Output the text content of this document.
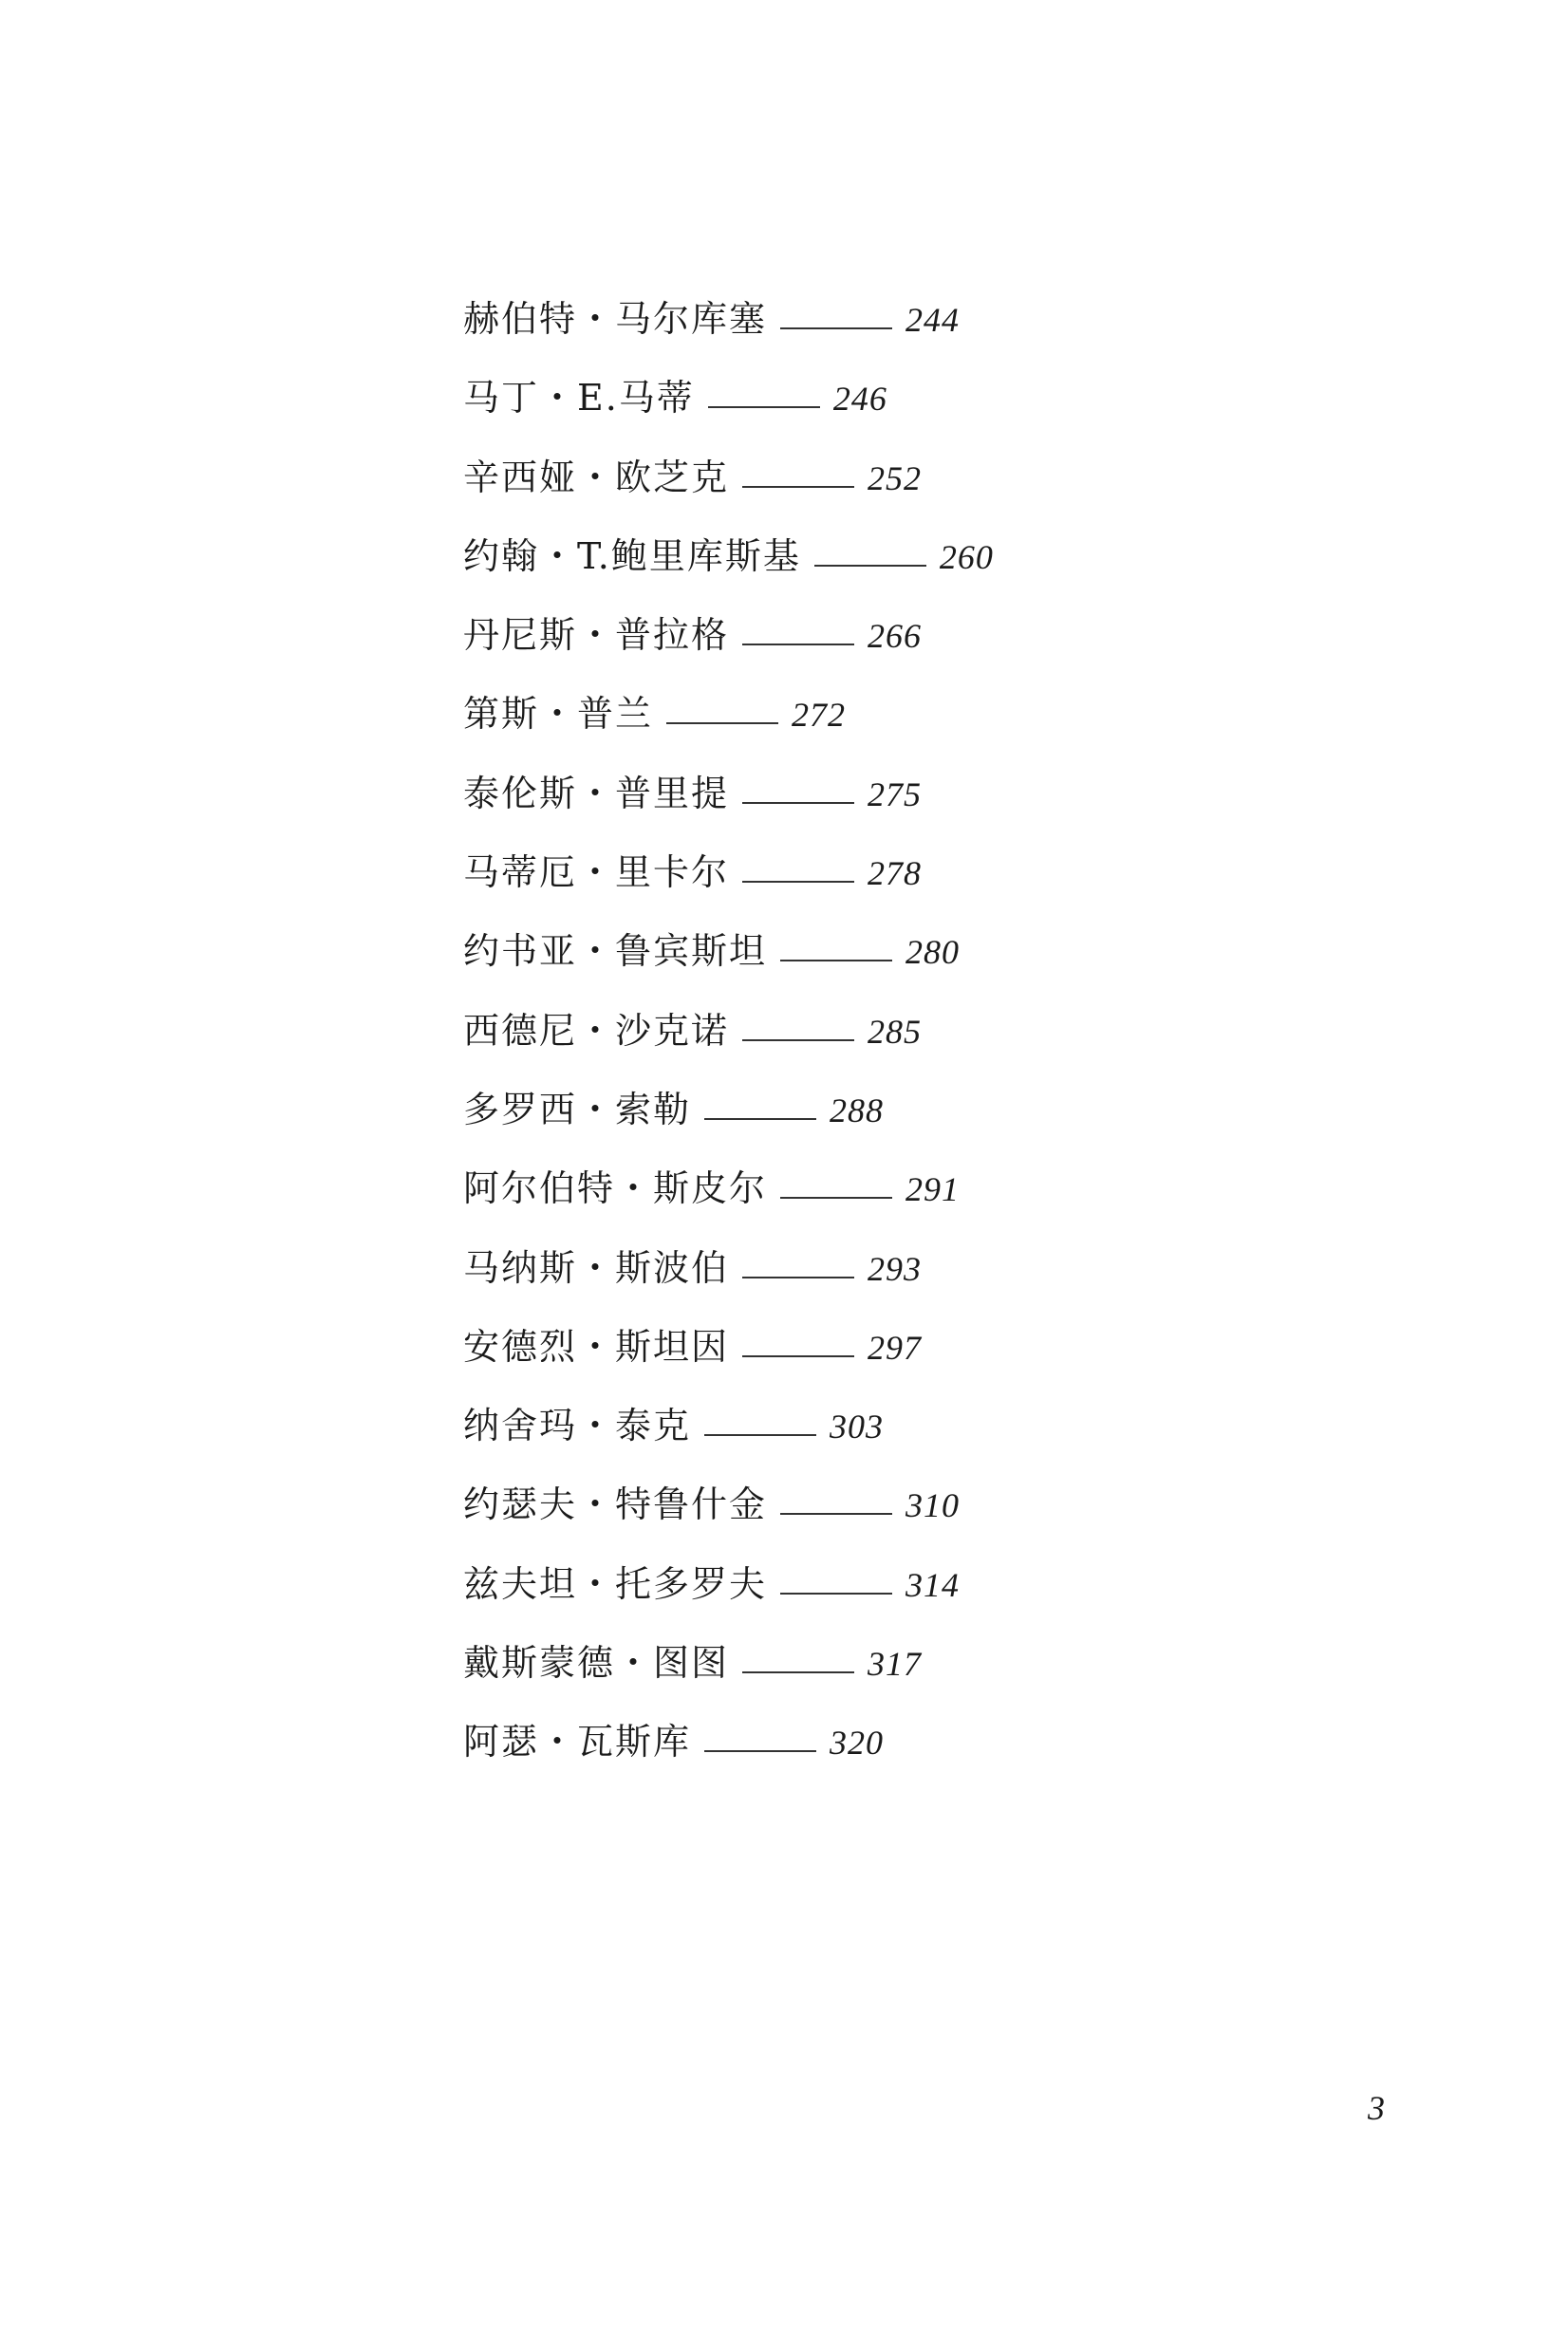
赫伯特・马尔库塞	244
马丁・E.马蒂	246
辛西娅・欧芝克	252
约翰・T.鲍里库斯基	260
丹尼斯・普拉格	266
第斯・普兰	272
泰伦斯・普里提	275
马蒂厄・里卡尔	278
约书亚・鲁宾斯坦	280
西德尼・沙克诺	285
多罗西・索勒	288
阿尔伯特・斯皮尔	291
马纳斯・斯波伯	293
安德烈・斯坦因	297
纳舍玛・泰克	303
约瑟夫・特鲁什金	310
兹夫坦・托多罗夫	314
戴斯蒙德・图图	317
阿瑟・瓦斯库	320
3
